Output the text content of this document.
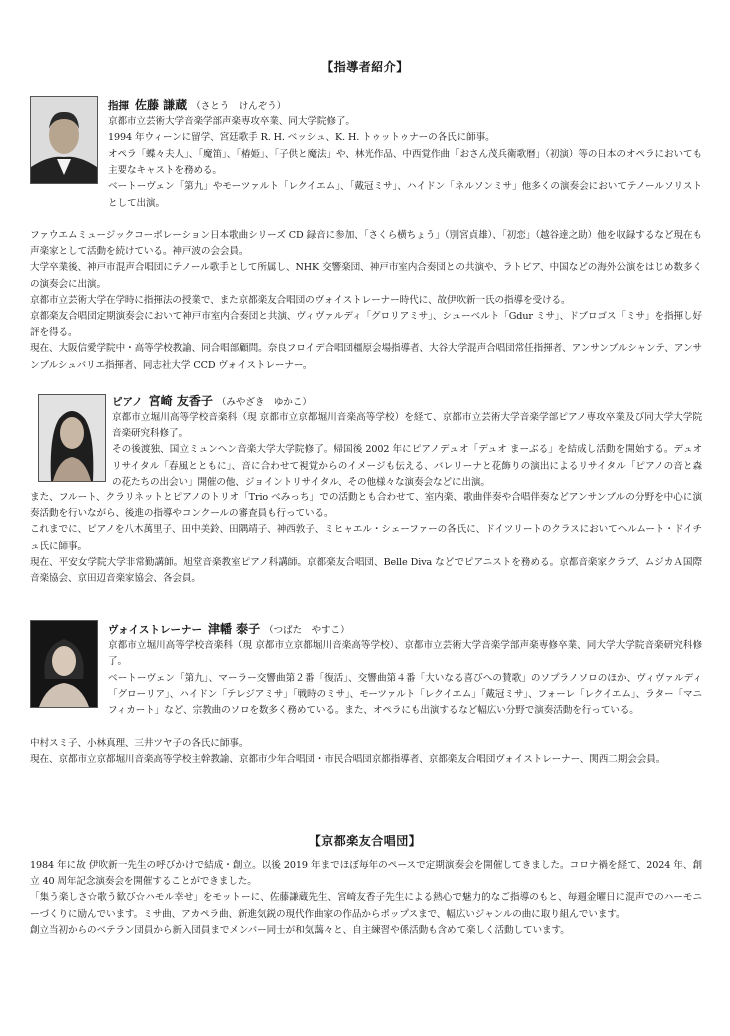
【指導者紹介】
指揮 佐藤 謙蔵 （さとう　けんぞう）

京都市立芸術大学音楽学部声楽専攻卒業、同大学院修了。

1994 年ウィーンに留学、宮廷歌手 R. H. ベッシュ、K. H. トゥットゥナーの各氏に師事。

オペラ「蝶々夫人」、「魔笛」、「椿姫」、「子供と魔法」や、林光作品、中西覚作曲「おさん茂兵衛歌暦」（初演）等の日本のオペラにおいても主要なキャストを務める。

ベートーヴェン「第九」やモーツァルト「レクイエム」、「戴冠ミサ」、ハイドン「ネルソンミサ」他多くの演奏会においてテノールソリストとして出演。

ファウエムミュージックコーポレーション日本歌曲シリーズ CD 録音に参加、「さくら横ちょう」（別宮貞雄）、「初恋」（越谷達之助）他を収録するなど現在も声楽家として活動を続けている。神戸波の会会員。

大学卒業後、神戸市混声合唱団にテノール歌手として所属し、NHK 交響楽団、神戸市室内合奏団との共演や、ラトビア、中国などの海外公演をはじめ数多くの演奏会に出演。

京都市立芸術大学在学時に指揮法の授業で、また京都楽友合唱団のヴォイストレーナー時代に、故伊吹新一氏の指導を受ける。

京都楽友合唱団定期演奏会において神戸市室内合奏団と共演、ヴィヴァルディ「グロリアミサ」、シューベルト「Gdur ミサ」、ドブロゴス「ミサ」を指揮し好評を得る。

現在、大阪信愛学院中・高等学校教諭、同合唱部顧問。奈良フロイデ合唱団橿原会場指導者、大谷大学混声合唱団常任指揮者、アンサンブルシャンテ、アンサンブルシュバリエ指揮者、同志社大学 CCD ヴォイストレーナー。

ピアノ 宮崎 友香子 （みやざき　ゆかこ）

京都市立堀川高等学校音楽科（現 京都市立京都堀川音楽高等学校）を経て、京都市立芸術大学音楽学部ピアノ専攻卒業及び同大学大学院音楽研究科修了。

その後渡独、国立ミュンヘン音楽大学大学院修了。帰国後 2002 年にピアノデュオ「デュオ まーぶる」を結成し活動を開始する。デュオリサイタル「春風とともに」、音に合わせて視覚からのイメージも伝える、バレリーナと花飾りの演出によるリサイタル「ピアノの音と森の花たちの出会い」開催の他、ジョイントリサイタル、その他様々な演奏会などに出演。

また、フルート、クラリネットとピアノのトリオ「Trio べみっち」での活動とも合わせて、室内楽、歌曲伴奏や合唱伴奏などアンサンブルの分野を中心に演奏活動を行いながら、後進の指導やコンクールの審査員も行っている。

これまでに、ピアノを八木萬里子、田中美鈴、田隅靖子、神西敦子、ミヒャエル・シェーファーの各氏に、ドイツリートのクラスにおいてヘルムート・ドイチュ氏に師事。

現在、平安女学院大学非常勤講師。旭堂音楽教室ピアノ科講師。京都楽友合唱団、Belle Diva などでピアニストを務める。京都音楽家クラブ、ムジカＡ国際音楽協会、京田辺音楽家協会、各会員。

ヴォイストレーナー 津幡 泰子 （つばた　やすこ）

京都市立堀川高等学校音楽科（現 京都市立京都堀川音楽高等学校）、京都市立芸術大学音楽学部声楽専修卒業、同大学大学院音楽研究科修了。

ベートーヴェン「第九」、マーラー交響曲第２番「復活」、交響曲第４番「大いなる喜びへの賛歌」のソプラノソロのほか、ヴィヴァルディ「グローリア」、ハイドン「テレジアミサ」「戦時のミサ」、モーツァルト「レクイエム」「戴冠ミサ」、フォーレ「レクイエム」、ラター「マニフィカート」など、宗教曲のソロを数多く務めている。また、オペラにも出演するなど幅広い分野で演奏活動を行っている。

中村スミ子、小林真理、三井ツヤ子の各氏に師事。

現在、京都市立京都堀川音楽高等学校主幹教諭、京都市少年合唱団・市民合唱団京都指導者、京都楽友合唱団ヴォイストレーナー、関西二期会会員。

【京都楽友合唱団】

1984 年に故 伊吹新一先生の呼びかけで結成・創立。以後 2019 年までほぼ毎年のペースで定期演奏会を開催してきました。コロナ禍を経て、2024 年、創立 40 周年記念演奏会を開催することができました。

「集う楽しさ☆歌う歓び☆ハモル幸せ」をモットーに、佐藤謙蔵先生、宮崎友香子先生による熱心で魅力的なご指導のもと、毎週金曜日に混声でのハーモニーづくりに励んでいます。ミサ曲、アカペラ曲、新進気鋭の現代作曲家の作品からポップスまで、幅広いジャンルの曲に取り組んでいます。

創立当初からのベテラン団員から新入団員までメンバー同士が和気藹々と、自主練習や係活動も含めて楽しく活動しています。
